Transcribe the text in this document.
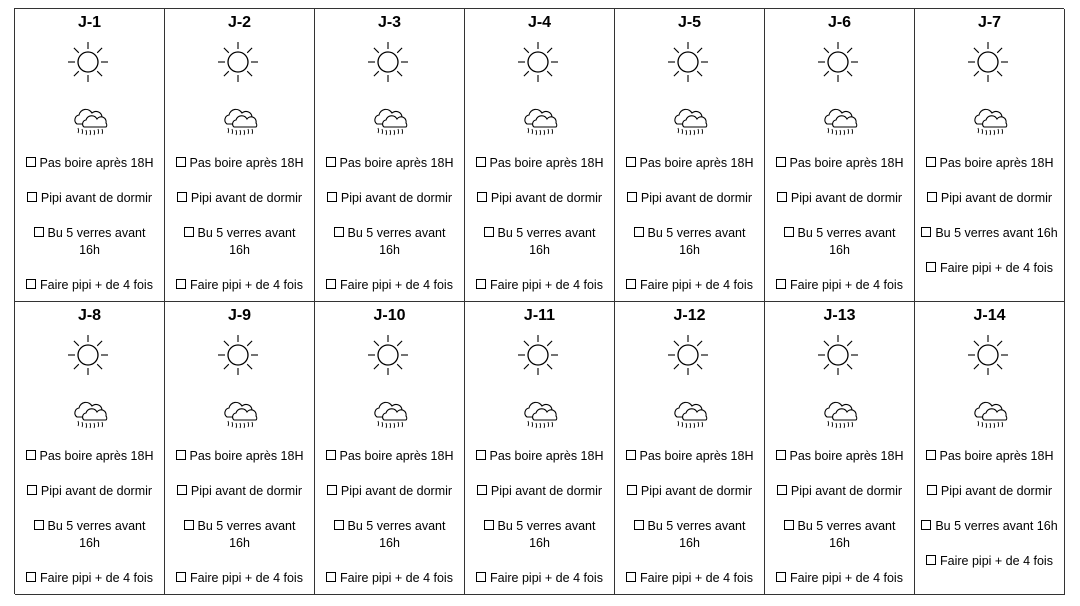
J-1
Pas boire après 18H
Pipi avant de dormir
Bu 5 verres avant 16h
Faire pipi + de 4 fois
J-2
Pas boire après 18H
Pipi avant de dormir
Bu 5 verres avant 16h
Faire pipi + de 4 fois
J-3
Pas boire après 18H
Pipi avant de dormir
Bu 5 verres avant 16h
Faire pipi + de 4 fois
J-4
Pas boire après 18H
Pipi avant de dormir
Bu 5 verres avant 16h
Faire pipi + de 4 fois
J-5
Pas boire après 18H
Pipi avant de dormir
Bu 5 verres avant 16h
Faire pipi + de 4 fois
J-6
Pas boire après 18H
Pipi avant de dormir
Bu 5 verres avant 16h
Faire pipi + de 4 fois
J-7
Pas boire après 18H
Pipi avant de dormir
Bu 5 verres avant 16h
Faire pipi + de 4 fois
J-8
Pas boire après 18H
Pipi avant de dormir
Bu 5 verres avant 16h
Faire pipi + de 4 fois
J-9
Pas boire après 18H
Pipi avant de dormir
Bu 5 verres avant 16h
Faire pipi + de 4 fois
J-10
Pas boire après 18H
Pipi avant de dormir
Bu 5 verres avant 16h
Faire pipi + de 4 fois
J-11
Pas boire après 18H
Pipi avant de dormir
Bu 5 verres avant 16h
Faire pipi + de 4 fois
J-12
Pas boire après 18H
Pipi avant de dormir
Bu 5 verres avant 16h
Faire pipi + de 4 fois
J-13
Pas boire après 18H
Pipi avant de dormir
Bu 5 verres avant 16h
Faire pipi + de 4 fois
J-14
Pas boire après 18H
Pipi avant de dormir
Bu 5 verres avant 16h
Faire pipi + de 4 fois
